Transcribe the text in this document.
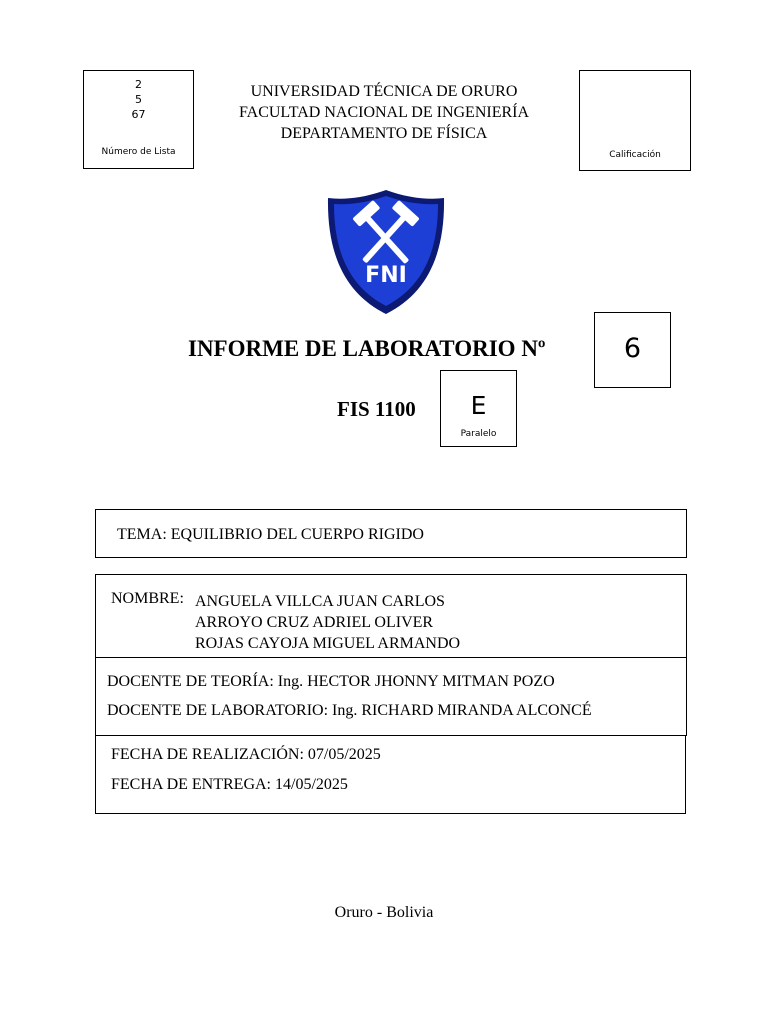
2
5
67
Número de Lista
UNIVERSIDAD TÉCNICA DE ORURO
FACULTAD NACIONAL DE INGENIERÍA
DEPARTAMENTO DE FÍSICA
Calificación
FNI
INFORME DE LABORATORIO Nº	6
FIS 1100	E
Paralelo
TEMA: EQUILIBRIO DEL CUERPO RIGIDO
NOMBRE: ANGUELA VILLCA JUAN CARLOS
ARROYO CRUZ ADRIEL OLIVER
ROJAS CAYOJA MIGUEL ARMANDO
DOCENTE DE TEORÍA: Ing. HECTOR JHONNY MITMAN POZO
DOCENTE DE LABORATORIO: Ing. RICHARD MIRANDA ALCONCÉ
FECHA DE REALIZACIÓN: 07/05/2025
FECHA DE ENTREGA: 14/05/2025
Oruro - Bolivia
